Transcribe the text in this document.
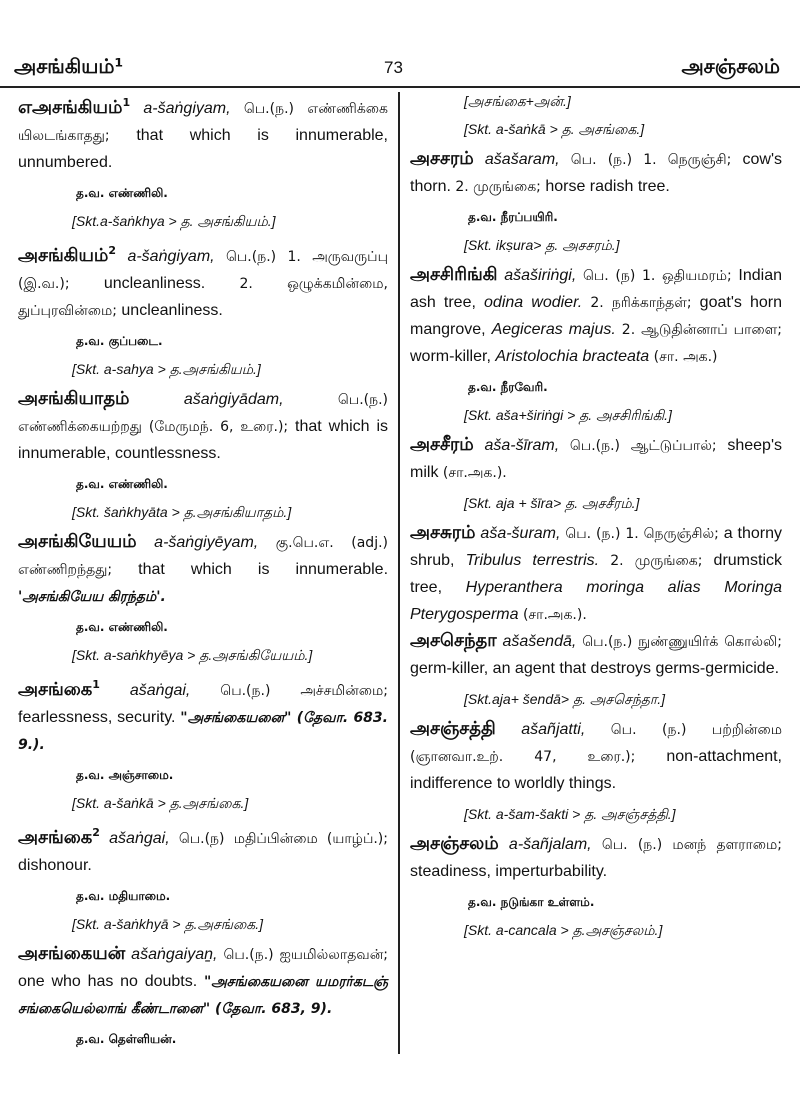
அசங்கியம்¹	73	அசஞ்சலம்
எஅசங்கியம்$^1$ a-šaṅgiyam, பெ.(ந.) எண்ணிக்கை யிலடங்காதது; that which is innumerable, unnumbered.
த.வ. எண்ணிலி.
[Skt.a-šaṅkhya > த. அசங்கியம்.]
அசங்கியம்$^2$ a-šaṅgiyam, பெ.(ந.) 1. அருவருப்பு (இ.வ.); uncleanliness. 2. ஒழுக்கமின்மை, துப்புரவின்மை; uncleanliness.
த.வ. குப்படை.
[Skt. a-sahya > த.அசங்கியம்.]
அசங்கியாதம் ašaṅgiyādam, பெ.(ந.) எண்ணிக்கையற்றது (மேருமந். 6, உரை.); that which is innumerable, countlessness.
த.வ. எண்ணிலி.
[Skt. šaṅkhyāta > த.அசங்கியாதம்.]
அசங்கியேயம் a-šaṅgiyēyam, கு.பெ.எ. (adj.) எண்ணிறந்தது; that which is innumerable. 'அசங்கியேய கிரந்தம்'.
த.வ. எண்ணிலி.
[Skt. a-saṅkhyēya > த.அசங்கியேயம்.]
அசங்கை$^1$ ašaṅgai, பெ.(ந.) அச்சமின்மை; fearlessness, security. "அசங்கையனை" (தேவா. 683. 9.).
த.வ. அஞ்சாமை.
[Skt. a-šaṅkā > த.அசங்கை.]
அசங்கை$^2$ ašaṅgai, பெ.(ந) மதிப்பின்மை (யாழ்ப்.); dishonour.
த.வ. மதியாமை.
[Skt. a-šaṅkhyā > த.அசங்கை.]
அசங்கையன் ašaṅgaiyaṉ, பெ.(ந.) ஐயமில்லாதவன்; one who has no doubts. "அசங்கையனை யமரர்கடஞ் சங்கையெல்லாங் கீண்டானை" (தேவா. 683, 9).
த.வ. தெள்ளியன்.
[அசங்கை+அன்.]
[Skt. a-šaṅkā > த. அசங்கை.]
அசசரம் ašašaram, பெ. (ந.) 1. நெருஞ்சி; cow's thorn. 2. முருங்கை; horse radish tree.
த.வ. நீரப்பயிரி.
[Skt. ikṣura> த. அசசரம்.]
அசசிரிங்கி ašaširiṅgi, பெ. (ந) 1. ஒதியமரம்; Indian ash tree, odina wodier. 2. நரிக்காந்தள்; goat's horn mangrove, Aegiceras majus. 2. ஆடுதின்னாப் பாளை; worm-killer, Aristolochia bracteata (சா. அக.)
த.வ. நீரவேரி.
[Skt. aša+širiṅgi > த. அசசிரிங்கி.]
அசசீரம் aša-šīram, பெ.(ந.) ஆட்டுப்பால்; sheep's milk (சா.அக.).
[Skt. aja + šīra> த. அசசீரம்.]
அசசுரம் aša-šuram, பெ. (ந.) 1. நெருஞ்சில்; a thorny shrub, Tribulus terrestris. 2. முருங்கை; drumstick tree, Hyperanthera moringa alias Moringa Pterygosperma (சா.அக.).
அசசெந்தா ašašendā, பெ.(ந.) நுண்ணுயிர்க் கொல்லி; germ-killer, an agent that destroys germs-germicide.
[Skt.aja+ šendā> த. அசசெந்தா.]
அசஞ்சத்தி ašañjatti, பெ. (ந.) பற்றின்மை (ஞானவா.உற். 47, உரை.); non-attachment, indifference to worldly things.
[Skt. a-šam-šakti > த. அசஞ்சத்தி.]
அசஞ்சலம் a-šañjalam, பெ. (ந.) மனந் தளராமை; steadiness, imperturbability.
த.வ. நடுங்கா உள்ளம்.
[Skt. a-cancala > த.அசஞ்சலம்.]
